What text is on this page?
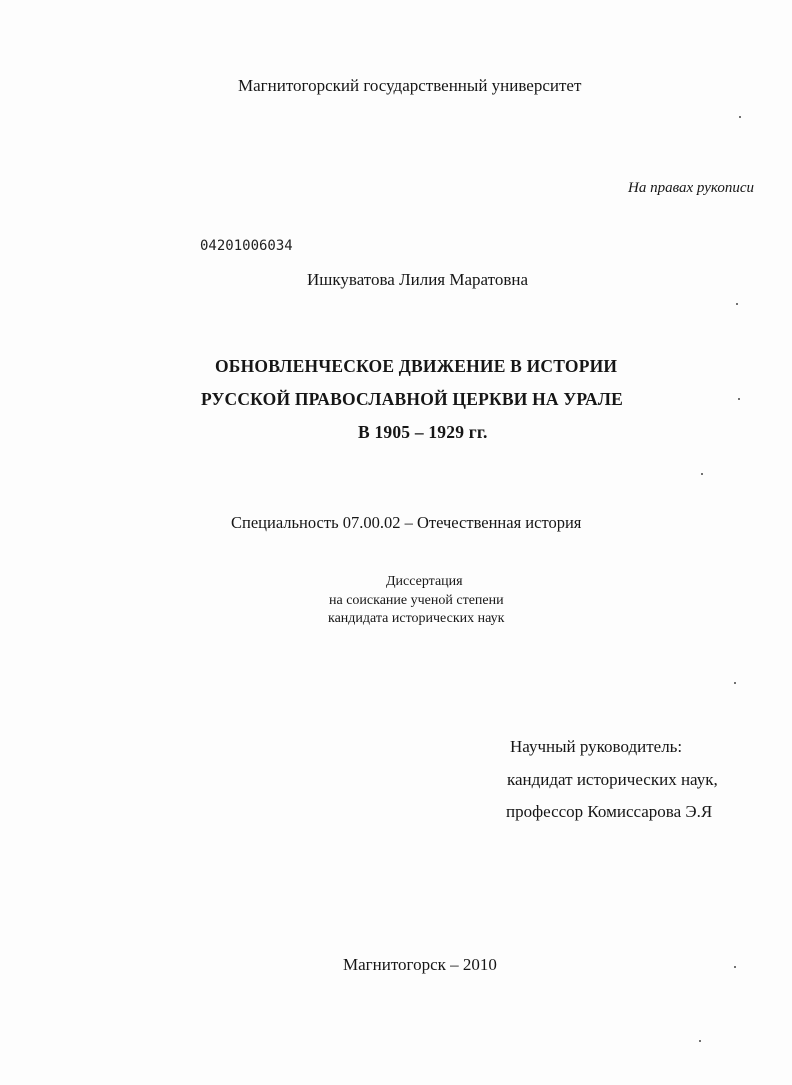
Магнитогорский государственный университет
На правах рукописи
04201006034
Ишкуватова Лилия Маратовна
ОБНОВЛЕНЧЕСКОЕ ДВИЖЕНИЕ В ИСТОРИИ
РУССКОЙ ПРАВОСЛАВНОЙ ЦЕРКВИ НА УРАЛЕ
В 1905 – 1929 гг.
Специальность 07.00.02 – Отечественная история
Диссертация
на соискание ученой степени
кандидата исторических наук
Научный руководитель:
кандидат исторических наук,
профессор Комиссарова Э.Я
Магнитогорск – 2010
